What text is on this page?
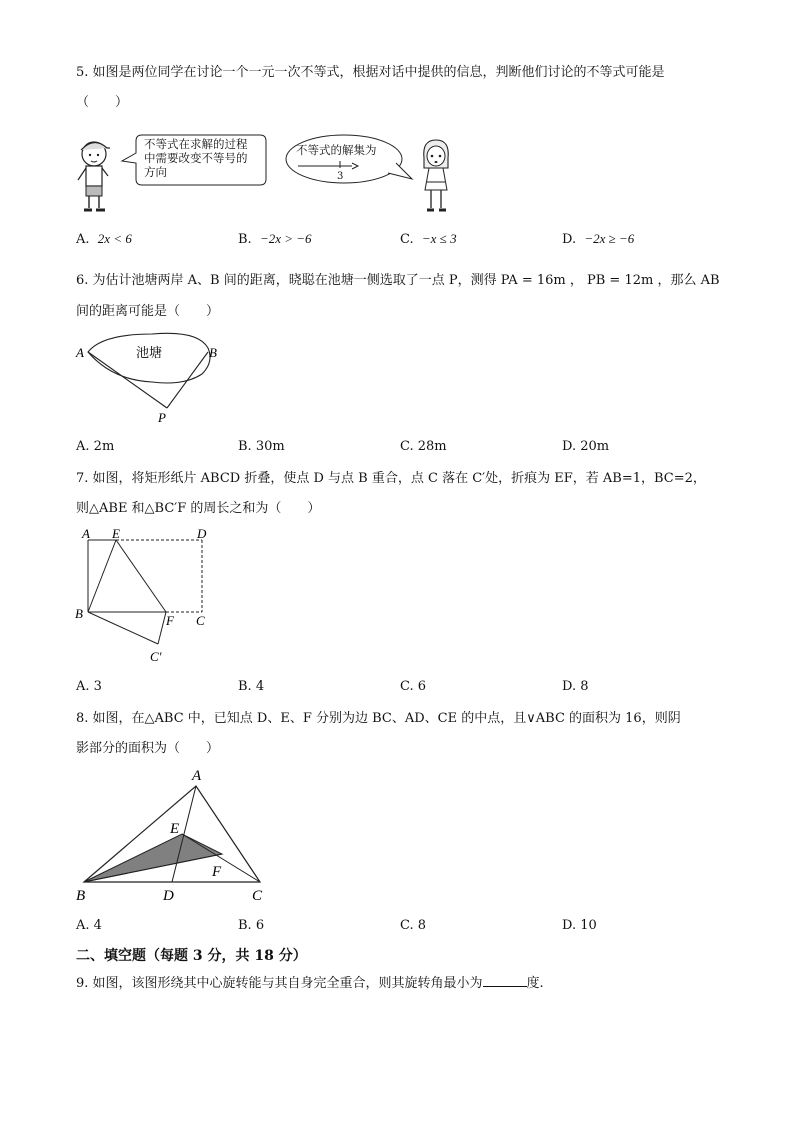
5. 如图是两位同学在讨论一个一元一次不等式，根据对话中提供的信息，判断他们讨论的不等式可能是
（　　）
不等式在求解的过程
中需要改变不等号的
方向
不等式的解集为
3
A. 2x < 6	B. −2x > −6	C. −x ≤ 3	D. −2x ≥ −6
6. 为估计池塘两岸 A、B 间的距离，晓聪在池塘一侧选取了一点 P，测得 PA = 16m ， PB = 12m ，那么 AB
间的距离可能是（　　）
池塘
A	B
P
A. 2m	B. 30m	C. 28m	D. 20m
7. 如图，将矩形纸片 ABCD 折叠，使点 D 与点 B 重合，点 C 落在 C′处，折痕为 EF，若 AB=1，BC=2，
则△ABE 和△BC′F 的周长之和为（　　）
A E	D
B	F C
C′
A. 3	B. 4	C. 6	D. 8
8. 如图，在△ABC 中，已知点 D、E、F 分别为边 BC、AD、CE 的中点，且∨ABC 的面积为 16，则阴
影部分的面积为（　　）
A
E
F
B	D	C
A. 4	B. 6	C. 8	D. 10
二、填空题（每题 3 分，共 18 分）
9. 如图，该图形绕其中心旋转能与其自身完全重合，则其旋转角最小为	度.
